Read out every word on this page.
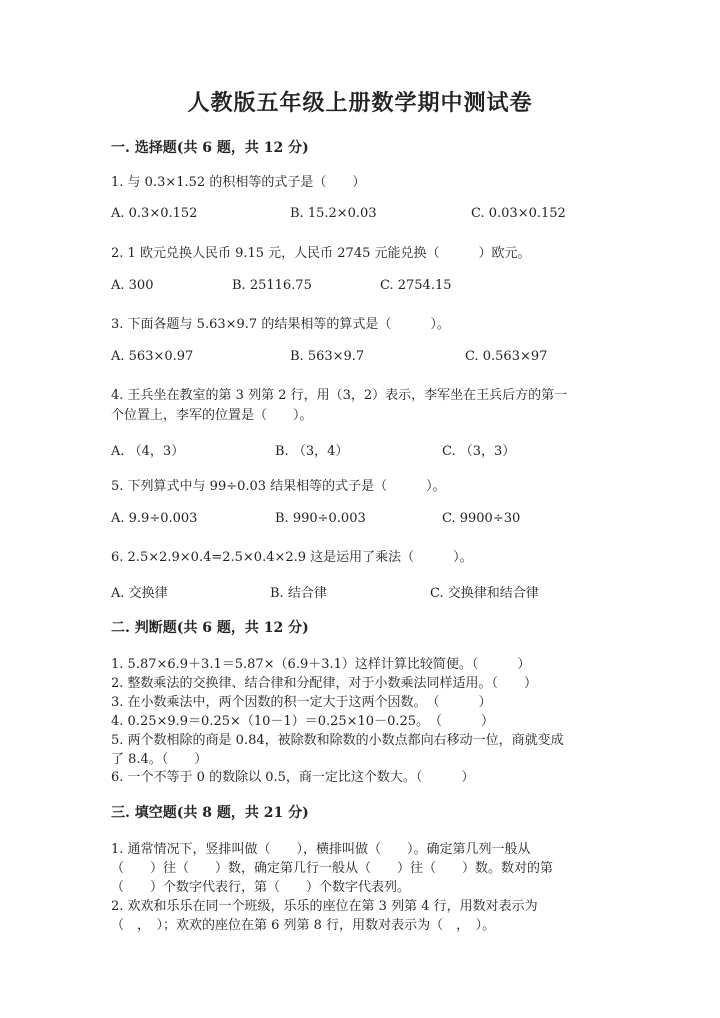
人教版五年级上册数学期中测试卷
一. 选择题(共 6 题，共 12 分)
1. 与 0.3×1.52 的积相等的式子是（　　）
A. 0.3×0.152	B. 15.2×0.03	C. 0.03×0.152
2. 1 欧元兑换人民币 9.15 元，人民币 2745 元能兑换（　　　）欧元。
A. 300	B. 25116.75	C. 2754.15
3. 下面各题与 5.63×9.7 的结果相等的算式是（　　　）。
A. 563×0.97	B. 563×9.7	C. 0.563×97
4. 王兵坐在教室的第 3 列第 2 行，用（3，2）表示，李军坐在王兵后方的第一
个位置上，李军的位置是（　　）。
A. （4，3）	B. （3，4）	C. （3，3）
5. 下列算式中与 99÷0.03 结果相等的式子是（　　　）。
A. 9.9÷0.003	B. 990÷0.003	C. 9900÷30
6. 2.5×2.9×0.4=2.5×0.4×2.9 这是运用了乘法（　　　）。
A. 交换律	B. 结合律	C. 交换律和结合律
二. 判断题(共 6 题，共 12 分)
1. 5.87×6.9＋3.1＝5.87×（6.9＋3.1）这样计算比较简便。（　　　）
2. 整数乘法的交换律、结合律和分配律，对于小数乘法同样适用。（　　）
3. 在小数乘法中，两个因数的积一定大于这两个因数。　（　　　）
4. 0.25×9.9＝0.25×（10－1）＝0.25×10－0.25。　（　　　）
5. 两个数相除的商是 0.84，被除数和除数的小数点都向右移动一位，商就变成
了 8.4。（　　）
6. 一个不等于 0 的数除以 0.5，商一定比这个数大。（　　　）
三. 填空题(共 8 题，共 21 分)
1. 通常情况下，竖排叫做（　　），横排叫做（　　）。确定第几列一般从
（　　）往（　　）数，确定第几行一般从（　　）往（　　）数。数对的第
（　　）个数字代表行，第（　　）个数字代表列。
2. 欢欢和乐乐在同一个班级，乐乐的座位在第 3 列第 4 行，用数对表示为
（　，　）；欢欢的座位在第 6 列第 8 行，用数对表示为（　，　）。
